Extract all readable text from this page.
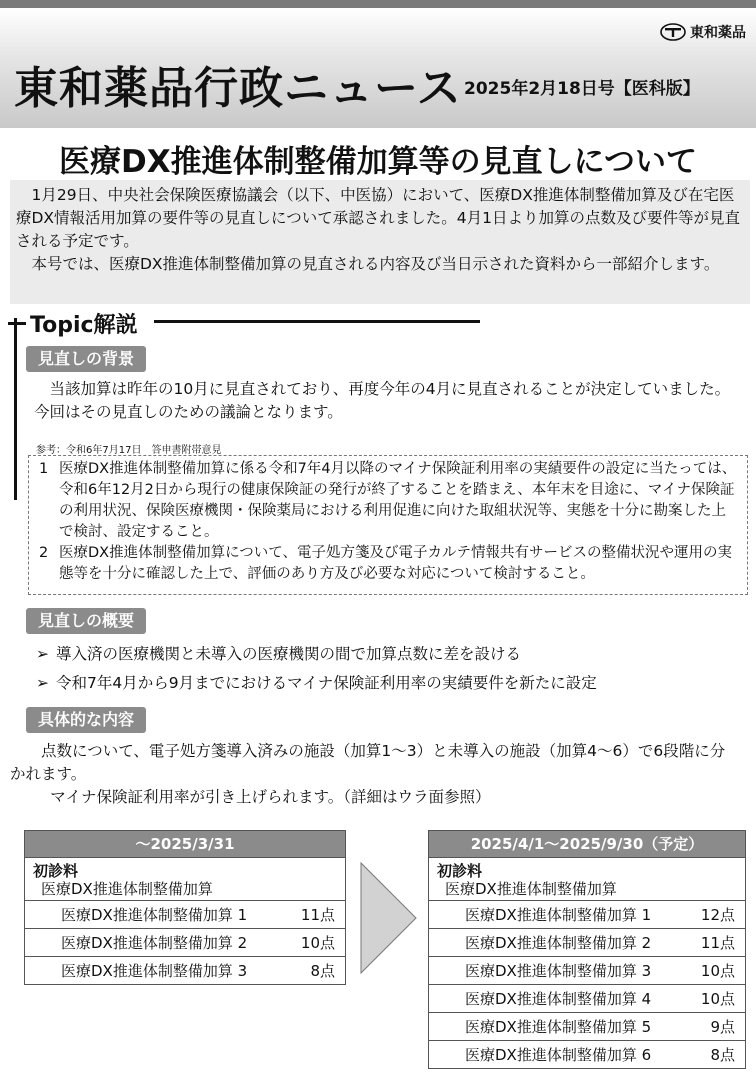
東和薬品
東和薬品行政ニュース 2025年2月18日号【医科版】
医療DX推進体制整備加算等の見直しについて

1月29日、中央社会保険医療協議会（以下、中医協）において、医療DX推進体制整備加算及び在宅医療DX情報活用加算の要件等の見直しについて承認されました。4月1日より加算の点数及び要件等が見直される予定です。

本号では、医療DX推進体制整備加算の見直される内容及び当日示された資料から一部紹介します。

Topic解説
見直しの背景
当該加算は昨年の10月に見直されており、再度今年の4月に見直されることが決定していました。今回はその見直しのための議論となります。
参考：令和6年7月17日　答申書附帯意見
1 医療DX推進体制整備加算に係る令和7年4月以降のマイナ保険証利用率の実績要件の設定に当たっては、令和6年12月2日から現行の健康保険証の発行が終了することを踏まえ、本年末を目途に、マイナ保険証の利用状況、保険医療機関・保険薬局における利用促進に向けた取組状況等、実態を十分に勘案した上で検討、設定すること。
2 医療DX推進体制整備加算について、電子処方箋及び電子カルテ情報共有サービスの整備状況や運用の実態等を十分に確認した上で、評価のあり方及び必要な対応について検討すること。
見直しの概要
➢ 導入済の医療機関と未導入の医療機関の間で加算点数に差を設ける
➢ 令和7年4月から9月までにおけるマイナ保険証利用率の実績要件を新たに設定
具体的な内容
点数について、電子処方箋導入済みの施設（加算1～3）と未導入の施設（加算4～6）で6段階に分かれます。
マイナ保険証利用率が引き上げられます。（詳細はウラ面参照）
～2025/3/31
初診料
医療DX推進体制整備加算
医療DX推進体制整備加算 1	11点
医療DX推進体制整備加算 2	10点
医療DX推進体制整備加算 3	8点
2025/4/1～2025/9/30（予定）
初診料
医療DX推進体制整備加算
医療DX推進体制整備加算 1	12点
医療DX推進体制整備加算 2	11点
医療DX推進体制整備加算 3	10点
医療DX推進体制整備加算 4	10点
医療DX推進体制整備加算 5	9点
医療DX推進体制整備加算 6	8点
